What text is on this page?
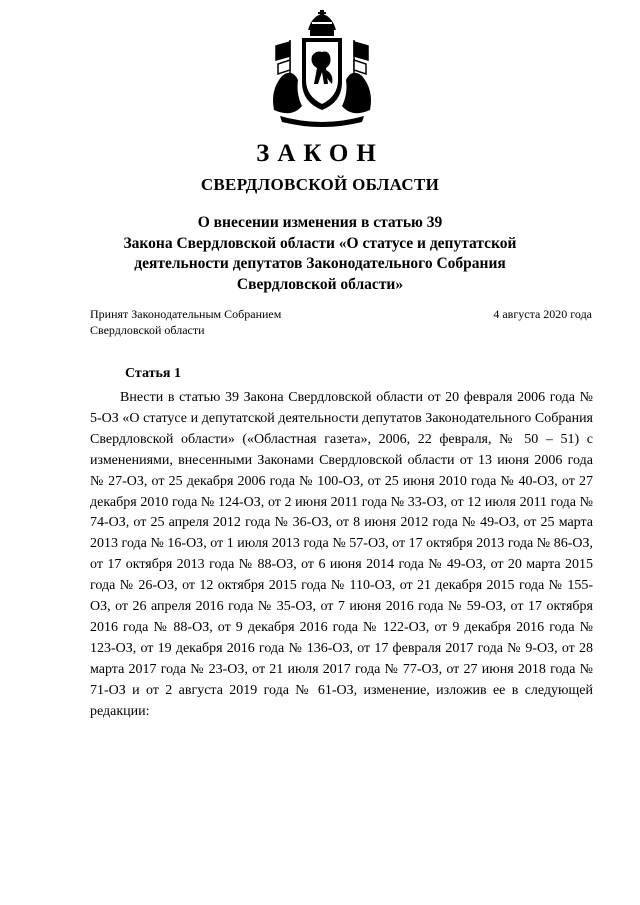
ЗАКОН
СВЕРДЛОВСКОЙ ОБЛАСТИ
О внесении изменения в статью 39
Закона Свердловской области «О статусе и депутатской
деятельности депутатов Законодательного Собрания
Свердловской области»
Принят Законодательным Собранием
Свердловской области
4 августа 2020 года
Статья 1

Внести в статью 39 Закона Свердловской области от 20 февраля 2006 года № 5-ОЗ «О статусе и депутатской деятельности депутатов Законодательного Собрания Свердловской области» («Областная газета», 2006, 22 февраля, № 50 – 51) с изменениями, внесенными Законами Свердловской области от 13 июня 2006 года № 27-ОЗ, от 25 декабря 2006 года № 100-ОЗ, от 25 июня 2010 года № 40-ОЗ, от 27 декабря 2010 года № 124-ОЗ, от 2 июня 2011 года № 33-ОЗ, от 12 июля 2011 года № 74-ОЗ, от 25 апреля 2012 года № 36-ОЗ, от 8 июня 2012 года № 49-ОЗ, от 25 марта 2013 года № 16-ОЗ, от 1 июля 2013 года № 57-ОЗ, от 17 октября 2013 года № 86-ОЗ, от 17 октября 2013 года № 88-ОЗ, от 6 июня 2014 года № 49-ОЗ, от 20 марта 2015 года № 26-ОЗ, от 12 октября 2015 года № 110-ОЗ, от 21 декабря 2015 года № 155-ОЗ, от 26 апреля 2016 года № 35-ОЗ, от 7 июня 2016 года № 59-ОЗ, от 17 октября 2016 года № 88-ОЗ, от 9 декабря 2016 года № 122-ОЗ, от 9 декабря 2016 года № 123-ОЗ, от 19 декабря 2016 года № 136-ОЗ, от 17 февраля 2017 года № 9-ОЗ, от 28 марта 2017 года № 23-ОЗ, от 21 июля 2017 года № 77-ОЗ, от 27 июня 2018 года № 71-ОЗ и от 2 августа 2019 года № 61-ОЗ, изменение, изложив ее в следующей редакции:
